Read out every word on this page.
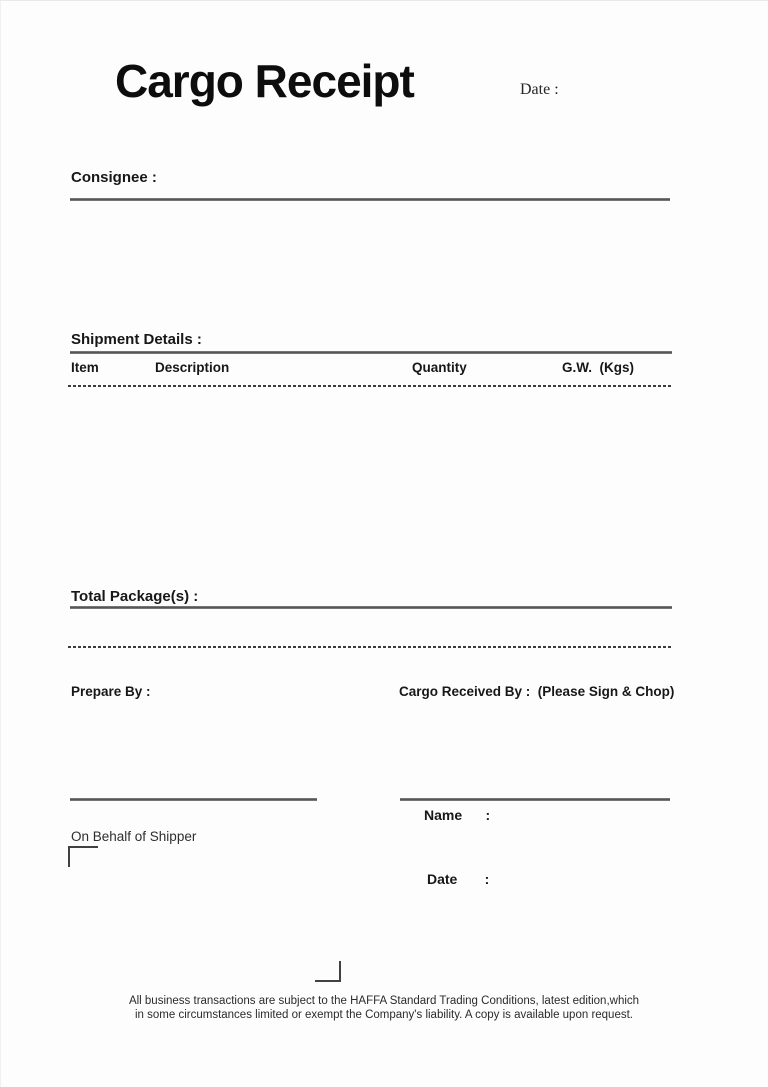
Cargo Receipt	Date :
Consignee :
Shipment Details :
Item	Description	Quantity	G.W.  (Kgs)
Total Package(s) :
Prepare By :	Cargo Received By :  (Please Sign & Chop)
Name      :
On Behalf of Shipper
Date       :
All business transactions are subject to the HAFFA Standard Trading Conditions, latest edition,which
in some circumstances limited or exempt the Company's liability. A copy is available upon request.
